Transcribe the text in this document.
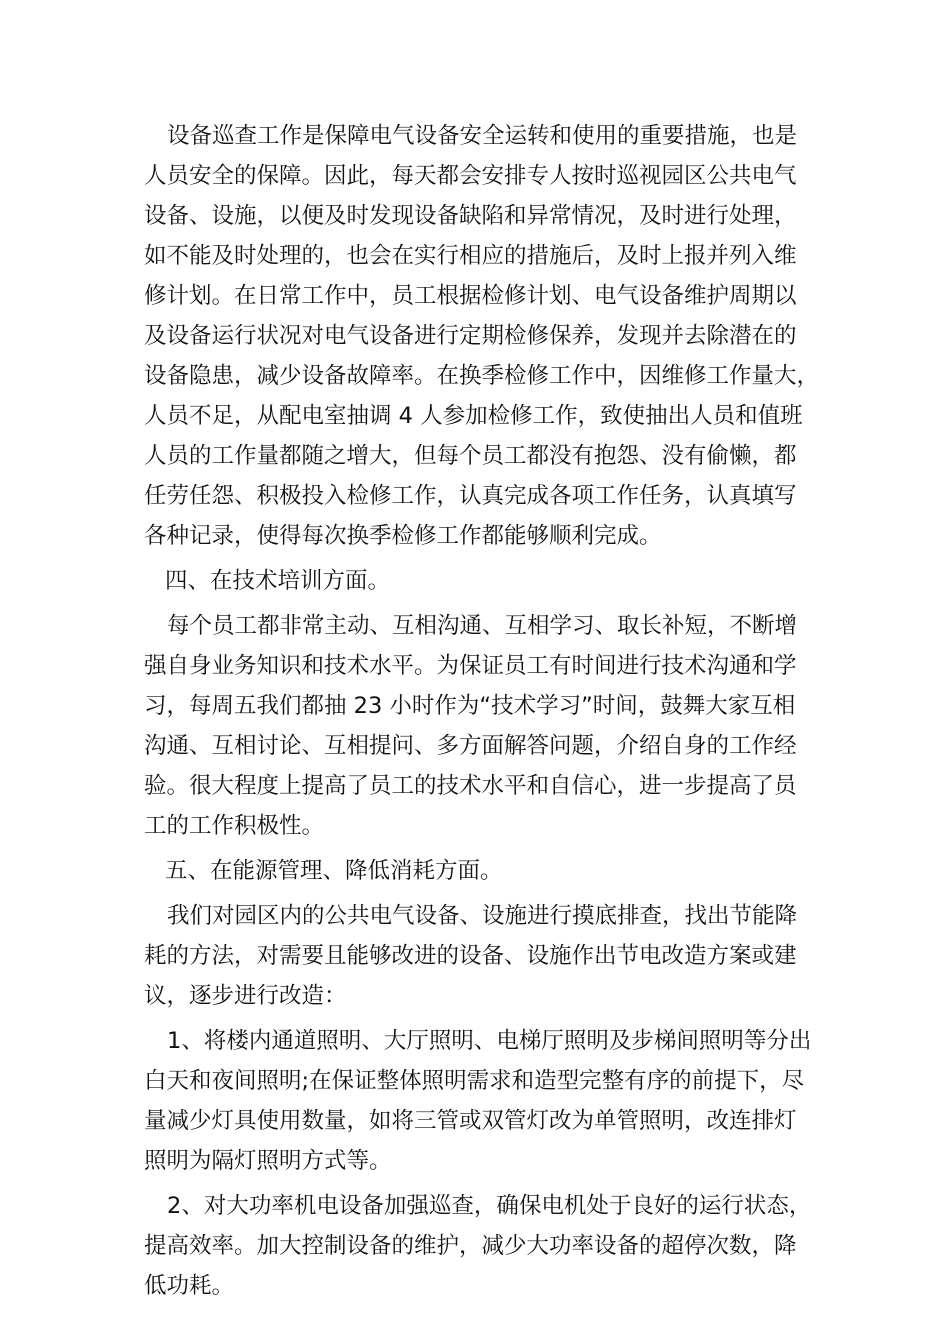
设备巡查工作是保障电气设备安全运转和使用的重要措施，也是
人员安全的保障。因此，每天都会安排专人按时巡视园区公共电气
设备、设施，以便及时发现设备缺陷和异常情况，及时进行处理，
如不能及时处理的，也会在实行相应的措施后，及时上报并列入维
修计划。在日常工作中，员工根据检修计划、电气设备维护周期以
及设备运行状况对电气设备进行定期检修保养，发现并去除潜在的
设备隐患，减少设备故障率。在换季检修工作中，因维修工作量大，
人员不足，从配电室抽调 4 人参加检修工作，致使抽出人员和值班
人员的工作量都随之增大，但每个员工都没有抱怨、没有偷懒，都
任劳任怨、积极投入检修工作，认真完成各项工作任务，认真填写
各种记录，使得每次换季检修工作都能够顺利完成。
四、在技术培训方面。
每个员工都非常主动、互相沟通、互相学习、取长补短，不断增
强自身业务知识和技术水平。为保证员工有时间进行技术沟通和学
习，每周五我们都抽 23 小时作为“技术学习”时间，鼓舞大家互相
沟通、互相讨论、互相提问、多方面解答问题，介绍自身的工作经
验。很大程度上提高了员工的技术水平和自信心，进一步提高了员
工的工作积极性。
五、在能源管理、降低消耗方面。
我们对园区内的公共电气设备、设施进行摸底排查，找出节能降
耗的方法，对需要且能够改进的设备、设施作出节电改造方案或建
议，逐步进行改造：
1、将楼内通道照明、大厅照明、电梯厅照明及步梯间照明等分出
白天和夜间照明;在保证整体照明需求和造型完整有序的前提下，尽
量减少灯具使用数量，如将三管或双管灯改为单管照明，改连排灯
照明为隔灯照明方式等。
2、对大功率机电设备加强巡查，确保电机处于良好的运行状态，
提高效率。加大控制设备的维护，减少大功率设备的超停次数，降
低功耗。
